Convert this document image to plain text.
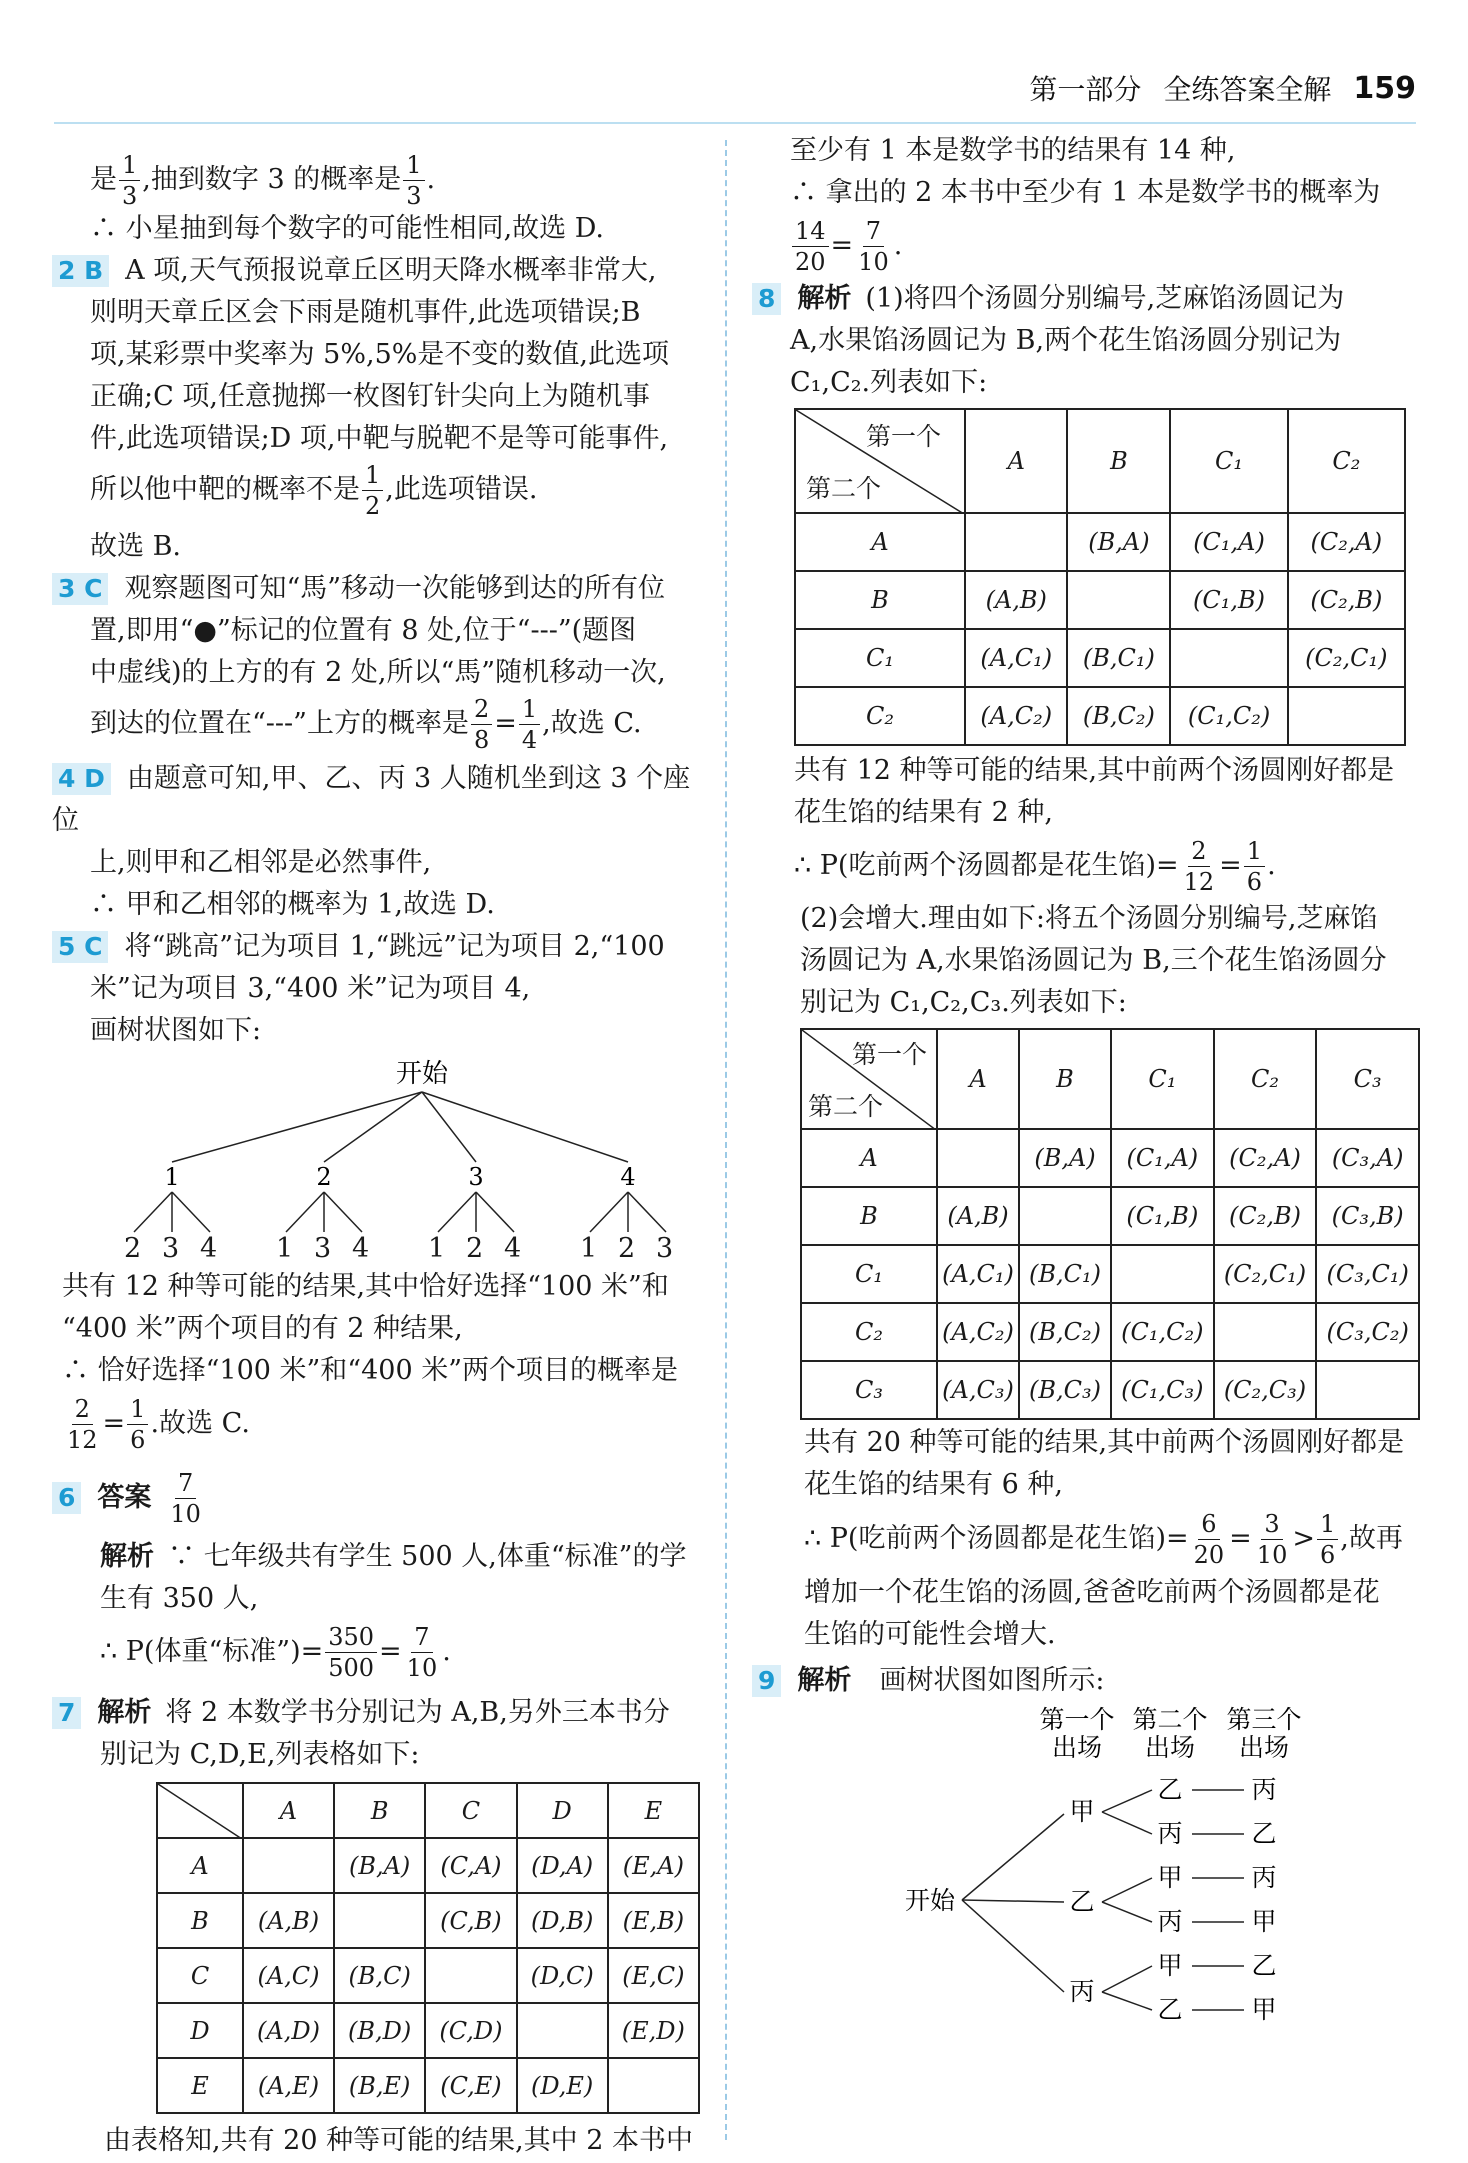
第一部分 全练答案全解 159

是 $\frac{1}{3}$ ,抽到数字 3 的概率是 $\frac{1}{3}$ .

∴ 小星抽到每个数字的可能性相同,故选 D.

2 B A 项,天气预报说章丘区明天降水概率非常大,

则明天章丘区会下雨是随机事件,此选项错误;B

项,某彩票中奖率为 5%,5%是不变的数值,此选项

正确;C 项,任意抛掷一枚图钉针尖向上为随机事

件,此选项错误;D 项,中靶与脱靶不是等可能事件,

所以他中靶的概率不是 $\frac{1}{2}$ ,此选项错误.

故选 B.

3 C 观察题图可知“馬”移动一次能够到达的所有位

置,即用“●”标记的位置有 8 处,位于“---”(题图

中虚线)的上方的有 2 处,所以“馬”随机移动一次,

到达的位置在“---”上方的概率是 $\frac{2}{8} = \frac{1}{4}$ ,故选 C.

4 D 由题意可知,甲、乙、丙 3 人随机坐到这 3 个座位

上,则甲和乙相邻是必然事件,

∴ 甲和乙相邻的概率为 1,故选 D.

5 C 将“跳高”记为项目 1,“跳远”记为项目 2,“100

米”记为项目 3,“400 米”记为项目 4,

画树状图如下:

开始
1	2	3	4
2 3 4 1 3 4 1 2 4 1 2 3

共有 12 种等可能的结果,其中恰好选择“100 米”和

“400 米”两个项目的有 2 种结果,

∴ 恰好选择“100 米”和“400 米”两个项目的概率是

$\frac{2}{12} = \frac{1}{6}$ .故选 C.

6 答案 $\frac{7}{10}$

解析 ∵ 七年级共有学生 500 人,体重“标准”的学

生有 350 人,

∴ P(体重“标准”)= $\frac{350}{500} = \frac{7}{10}$ .

7 解析 将 2 本数学书分别记为 A,B,另外三本书分

别记为 C,D,E,列表格如下:

	A	B	C	D	E
A		(B,A)	(C,A)	(D,A)	(E,A)
B	(A,B)		(C,B)	(D,B)	(E,B)
C	(A,C)	(B,C)		(D,C)	(E,C)
D	(A,D)	(B,D)	(C,D)		(E,D)
E	(A,E)	(B,E)	(C,E)	(D,E)	

由表格知,共有 20 种等可能的结果,其中 2 本书中

至少有 1 本是数学书的结果有 14 种,

∴ 拿出的 2 本书中至少有 1 本是数学书的概率为

$\frac{14}{20} = \frac{7}{10}$ .

8 解析 (1)将四个汤圆分别编号,芝麻馅汤圆记为

A,水果馅汤圆记为 B,两个花生馅汤圆分别记为

C₁,C₂.列表如下:

第一个
第二个	A	B	C₁	C₂
A		(B,A)	(C₁,A)	(C₂,A)
B	(A,B)		(C₁,B)	(C₂,B)
C₁	(A,C₁)	(B,C₁)		(C₂,C₁)
C₂	(A,C₂)	(B,C₂)	(C₁,C₂)	

共有 12 种等可能的结果,其中前两个汤圆刚好都是

花生馅的结果有 2 种,

∴ P(吃前两个汤圆都是花生馅)= $\frac{2}{12} = \frac{1}{6}$ .

(2)会增大.理由如下:将五个汤圆分别编号,芝麻馅

汤圆记为 A,水果馅汤圆记为 B,三个花生馅汤圆分

别记为 C₁,C₂,C₃.列表如下:

第一个
第二个	A	B	C₁	C₂	C₃
A		(B,A)	(C₁,A)	(C₂,A)	(C₃,A)
B	(A,B)		(C₁,B)	(C₂,B)	(C₃,B)
C₁	(A,C₁)	(B,C₁)		(C₂,C₁)	(C₃,C₁)
C₂	(A,C₂)	(B,C₂)	(C₁,C₂)		(C₃,C₂)
C₃	(A,C₃)	(B,C₃)	(C₁,C₃)	(C₂,C₃)	

共有 20 种等可能的结果,其中前两个汤圆刚好都是

花生馅的结果有 6 种,

∴ P(吃前两个汤圆都是花生馅)= $\frac{6}{20} = \frac{3}{10} > \frac{1}{6}$ ,故再

增加一个花生馅的汤圆,爸爸吃前两个汤圆都是花

生馅的可能性会增大.

9 解析 画树状图如图所示:

第一个
出场
第二个
出场
第三个
出场
开始
甲
乙
丙
乙	丙
丙	乙
甲	丙
丙	甲
甲	乙
乙	甲
